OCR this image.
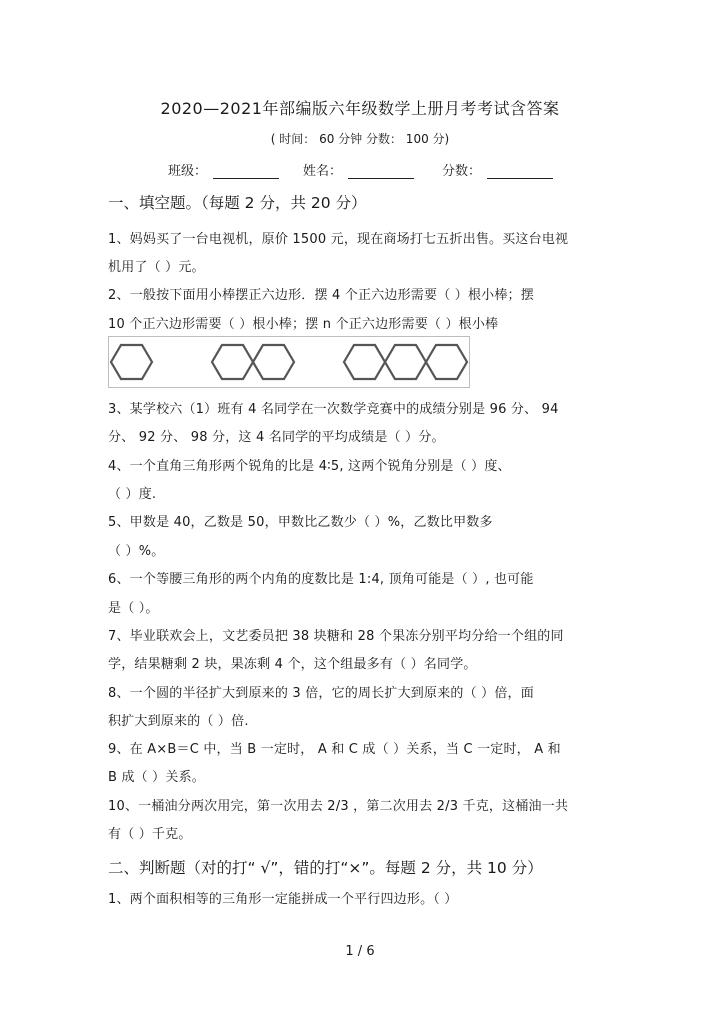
2020—2021年部编版六年级数学上册月考考试含答案
( 时间： 60 分钟 分数： 100 分)
班级：	姓名：	分数：
一、填空题。（每题 2 分，共 20 分）
1、妈妈买了一台电视机，原价 1500 元，现在商场打七五折出售。买这台电视
机用了（ ）元。
2、一般按下面用小棒摆正六边形．摆 4 个正六边形需要（ ）根小棒；摆
10 个正六边形需要（ ）根小棒；摆 n 个正六边形需要（ ）根小棒
3、某学校六（1）班有 4 名同学在一次数学竞赛中的成绩分别是 96 分、 94
分、 92 分、 98 分，这 4 名同学的平均成绩是（ ）分。
4、一个直角三角形两个锐角的比是 4∶5, 这两个锐角分别是（ ）度、
（ ）度.
5、甲数是 40，乙数是 50，甲数比乙数少（ ）%，乙数比甲数多
（ ）%。
6、一个等腰三角形的两个内角的度数比是 1:4, 顶角可能是（ ）, 也可能
是（ ）。
7、毕业联欢会上，文艺委员把 38 块糖和 28 个果冻分别平均分给一个组的同
学，结果糖剩 2 块，果冻剩 4 个，这个组最多有（ ）名同学。
8、一个圆的半径扩大到原来的 3 倍，它的周长扩大到原来的（ ）倍，面
积扩大到原来的（ ）倍.
9、在 A×B＝C 中，当 B 一定时， A 和 C 成（ ）关系，当 C 一定时， A 和
B 成（ ）关系。
10、一桶油分两次用完，第一次用去 2/3 ，第二次用去 2/3 千克，这桶油一共
有（ ）千克。
二、判断题（对的打“ √”，错的打“×”。每题 2 分，共 10 分）
1、两个面积相等的三角形一定能拼成一个平行四边形。（ ）
1 / 6
